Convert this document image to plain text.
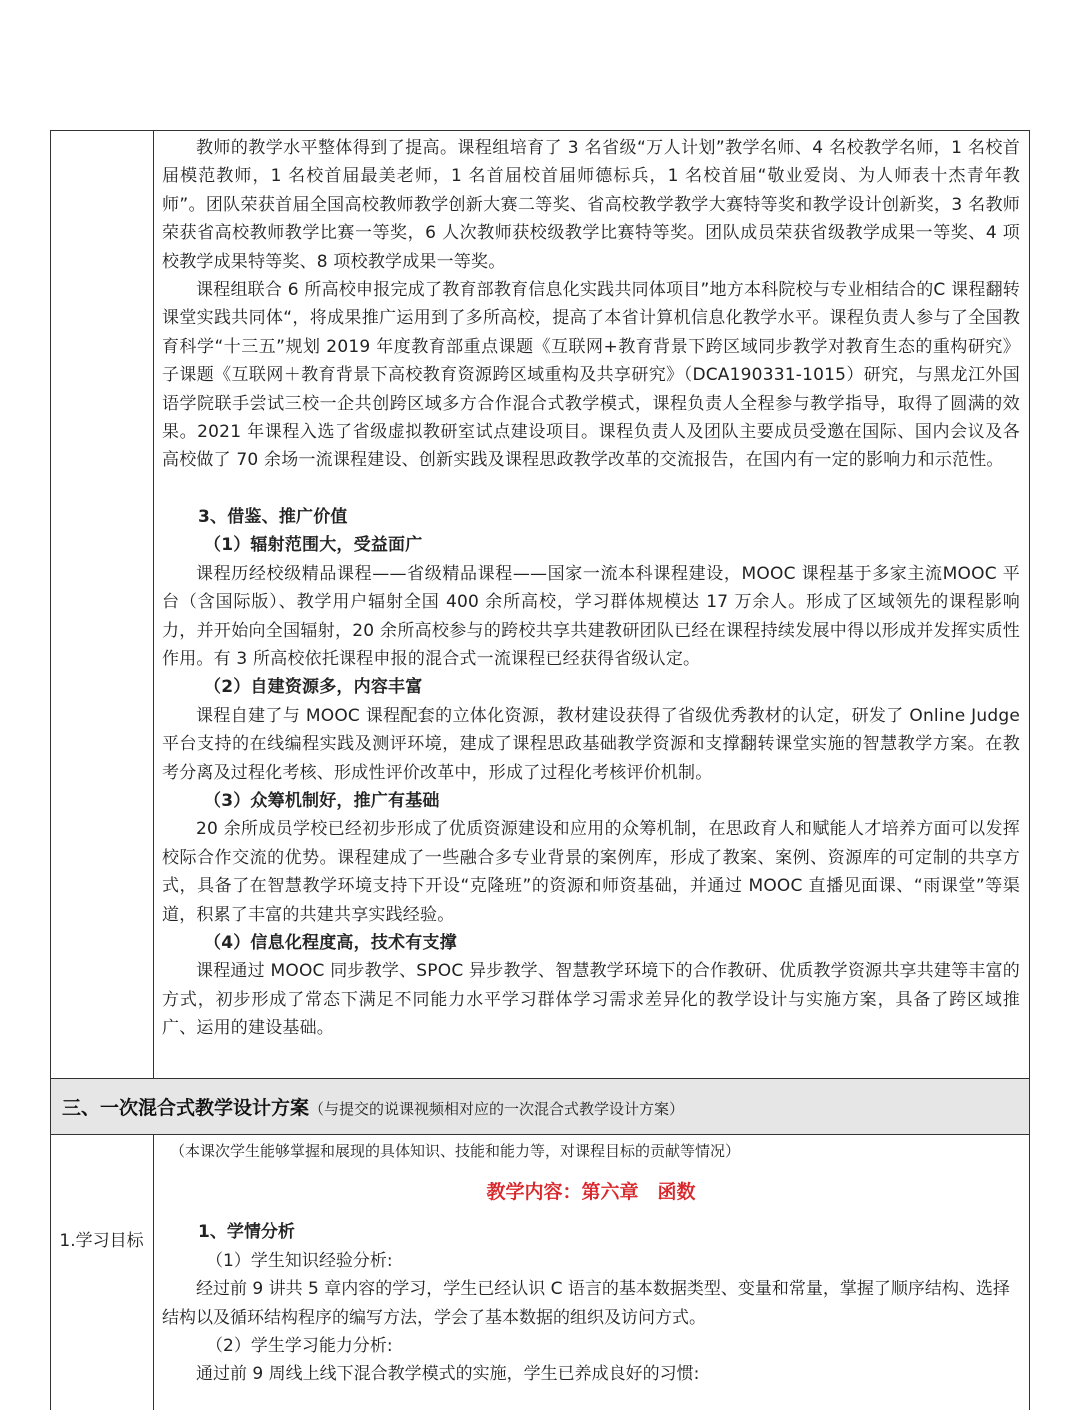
三、一次混合式教学设计方案（与提交的说课视频相对应的一次混合式教学设计方案）

教师的教学水平整体得到了提高。课程组培育了 3 名省级“万人计划”教学名师、4 名校教学名师，1 名校首届模范教师，1 名校首届最美老师，1 名首届校首届师德标兵，1 名校首届“敬业爱岗、为人师表十杰青年教师”。团队荣获首届全国高校教师教学创新大赛二等奖、省高校教学教学大赛特等奖和教学设计创新奖，3 名教师荣获省高校教师教学比赛一等奖，6 人次教师获校级教学比赛特等奖。团队成员荣获省级教学成果一等奖、4 项校教学成果特等奖、8 项校教学成果一等奖。

课程组联合 6 所高校申报完成了教育部教育信息化实践共同体项目”地方本科院校与专业相结合的C 课程翻转课堂实践共同体“，将成果推广运用到了多所高校，提高了本省计算机信息化教学水平。课程负责人参与了全国教育科学“十三五”规划 2019 年度教育部重点课题《互联网+教育背景下跨区域同步教学对教育生态的重构研究》子课题《互联网＋教育背景下高校教育资源跨区域重构及共享研究》（DCA190331-1015）研究，与黑龙江外国语学院联手尝试三校一企共创跨区域多方合作混合式教学模式，课程负责人全程参与教学指导，取得了圆满的效果。2021 年课程入选了省级虚拟教研室试点建设项目。课程负责人及团队主要成员受邀在国际、国内会议及各高校做了 70 余场一流课程建设、创新实践及课程思政教学改革的交流报告，在国内有一定的影响力和示范性。

3、借鉴、推广价值

（1）辐射范围大，受益面广

课程历经校级精品课程——省级精品课程——国家一流本科课程建设，MOOC 课程基于多家主流MOOC 平台（含国际版）、教学用户辐射全国 400 余所高校，学习群体规模达 17 万余人。形成了区域领先的课程影响力，并开始向全国辐射，20 余所高校参与的跨校共享共建教研团队已经在课程持续发展中得以形成并发挥实质性作用。有 3 所高校依托课程申报的混合式一流课程已经获得省级认定。

（2）自建资源多，内容丰富

课程自建了与 MOOC 课程配套的立体化资源，教材建设获得了省级优秀教材的认定，研发了 Online Judge 平台支持的在线编程实践及测评环境，建成了课程思政基础教学资源和支撑翻转课堂实施的智慧教学方案。在教考分离及过程化考核、形成性评价改革中，形成了过程化考核评价机制。

（3）众筹机制好，推广有基础

20 余所成员学校已经初步形成了优质资源建设和应用的众筹机制，在思政育人和赋能人才培养方面可以发挥校际合作交流的优势。课程建成了一些融合多专业背景的案例库，形成了教案、案例、资源库的可定制的共享方式，具备了在智慧教学环境支持下开设“克隆班”的资源和师资基础，并通过 MOOC 直播见面课、“雨课堂”等渠道，积累了丰富的共建共享实践经验。

（4）信息化程度高，技术有支撑

课程通过 MOOC 同步教学、SPOC 异步教学、智慧教学环境下的合作教研、优质教学资源共享共建等丰富的方式，初步形成了常态下满足不同能力水平学习群体学习需求差异化的教学设计与实施方案，具备了跨区域推广、运用的建设基础。

1.学习目标

（本课次学生能够掌握和展现的具体知识、技能和能力等，对课程目标的贡献等情况）

教学内容：第六章　函数

1、学情分析

（1）学生知识经验分析:

经过前 9 讲共 5 章内容的学习，学生已经认识 C 语言的基本数据类型、变量和常量，掌握了顺序结构、选择结构以及循环结构程序的编写方法，学会了基本数据的组织及访问方式。

（2）学生学习能力分析:

通过前 9 周线上线下混合教学模式的实施，学生已养成良好的习惯:
